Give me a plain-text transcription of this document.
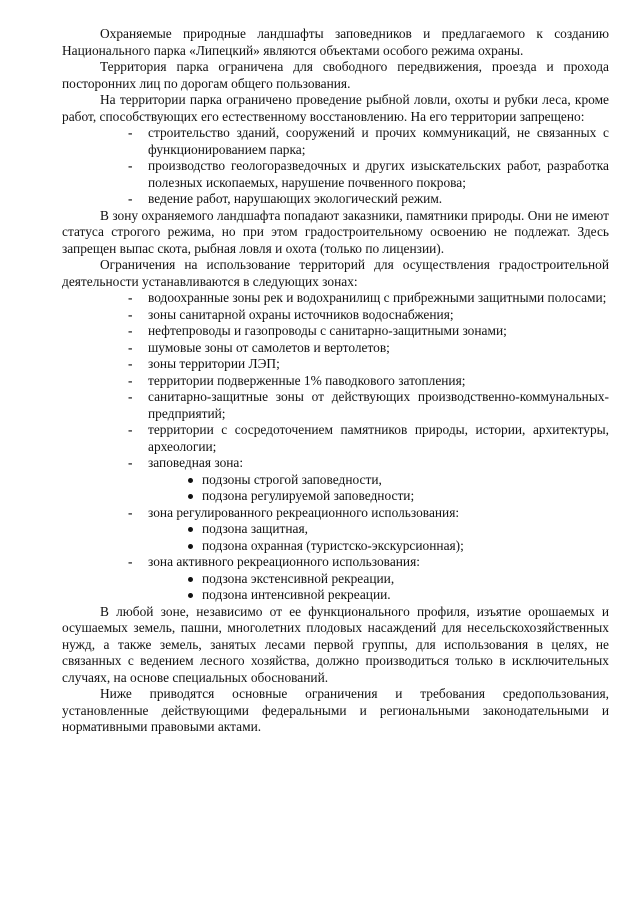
Охраняемые природные ландшафты заповедников и предлагаемого к созданию Национального парка «Липецкий» являются объектами особого режима охраны.

Территория парка ограничена для свободного передвижения, проезда и прохода посторонних лиц по дорогам общего пользования.

На территории парка ограничено проведение рыбной ловли, охоты и рубки леса, кроме работ, способствующих его естественному восстановлению. На его территории запрещено:

- строительство зданий, сооружений и прочих коммуникаций, не связанных с функционированием парка;
- производство геологоразведочных и других изыскательских работ, разработка полезных ископаемых, нарушение почвенного покрова;
- ведение работ, нарушающих экологический режим.

В зону охраняемого ландшафта попадают заказники, памятники природы. Они не имеют статуса строгого режима, но при этом градостроительному освоению не подлежат. Здесь запрещен выпас скота, рыбная ловля и охота (только по лицензии).

Ограничения на использование территорий для осуществления градостроительной деятельности устанавливаются в следующих зонах:

- водоохранные зоны рек и водохранилищ с прибрежными защитными полосами;
- зоны санитарной охраны источников водоснабжения;
- нефтепроводы и газопроводы с санитарно-защитными зонами;
- шумовые зоны от самолетов и вертолетов;
- зоны территории ЛЭП;
- территории подверженные 1% паводкового затопления;
- санитарно-защитные зоны от действующих производственно-коммунальных-предприятий;
- территории с сосредоточением памятников природы, истории, архитектуры, археологии;
- заповедная зона:
подзоны строгой заповедности,
подзона регулируемой заповедности;
- зона регулированного рекреационного использования:
подзона защитная,
подзона охранная (туристско-экскурсионная);
- зона активного рекреационного использования:
подзона экстенсивной рекреации,
подзона интенсивной рекреации.

В любой зоне, независимо от ее функционального профиля, изъятие орошаемых и осушаемых земель, пашни, многолетних плодовых насаждений для несельскохозяйственных нужд, а также земель, занятых лесами первой группы, для использования в целях, не связанных с ведением лесного хозяйства, должно производиться только в исключительных случаях, на основе специальных обоснований.

Ниже приводятся основные ограничения и требования средопользования, установленные действующими федеральными и региональными законодательными и нормативными правовыми актами.
